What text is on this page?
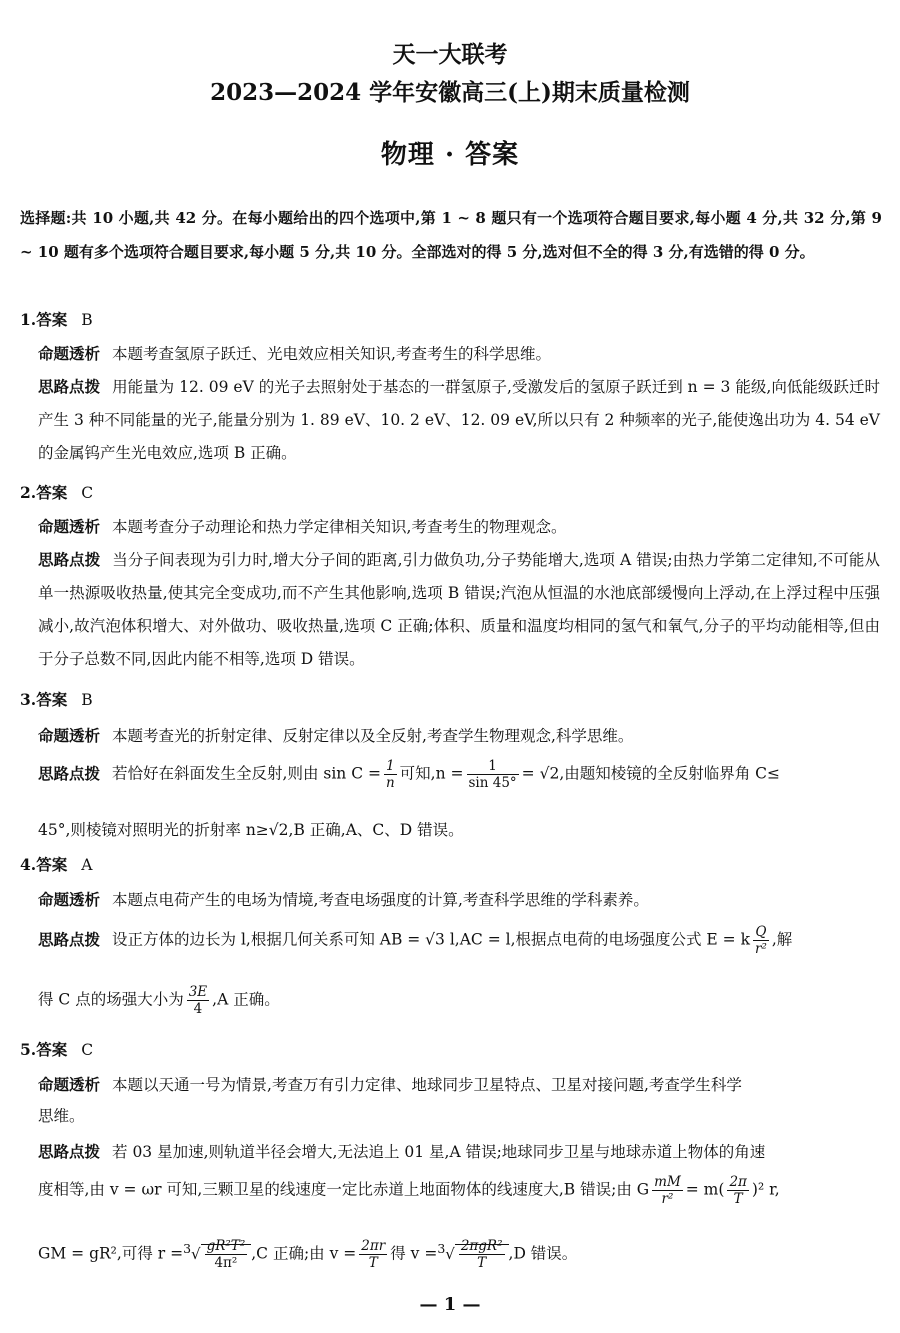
天一大联考
2023—2024 学年安徽高三(上)期末质量检测
物理 · 答案
选择题:共 10 小题,共 42 分。在每小题给出的四个选项中,第 1 ~ 8 题只有一个选项符合题目要求,每小题 4 分,共 32 分,第 9 ~ 10 题有多个选项符合题目要求,每小题 5 分,共 10 分。全部选对的得 5 分,选对但不全的得 3 分,有选错的得 0 分。
1.答案 B
命题透析 本题考查氢原子跃迁、光电效应相关知识,考查考生的科学思维。
思路点拨 用能量为 12. 09 eV 的光子去照射处于基态的一群氢原子,受激发后的氢原子跃迁到 n = 3 能级,向低能级跃迁时产生 3 种不同能量的光子,能量分别为 1. 89 eV、10. 2 eV、12. 09 eV,所以只有 2 种频率的光子,能使逸出功为 4. 54 eV 的金属钨产生光电效应,选项 B 正确。
2.答案 C
命题透析 本题考查分子动理论和热力学定律相关知识,考查考生的物理观念。
思路点拨 当分子间表现为引力时,增大分子间的距离,引力做负功,分子势能增大,选项 A 错误;由热力学第二定律知,不可能从单一热源吸收热量,使其完全变成功,而不产生其他影响,选项 B 错误;汽泡从恒温的水池底部缓慢向上浮动,在上浮过程中压强减小,故汽泡体积增大、对外做功、吸收热量,选项 C 正确;体积、质量和温度均相同的氢气和氧气,分子的平均动能相等,但由于分子总数不同,因此内能不相等,选项 D 错误。
3.答案 B
命题透析 本题考查光的折射定律、反射定律以及全反射,考查学生物理观念,科学思维。
思路点拨 若恰好在斜面发生全反射,则由 $\sin C = \frac{1}{n}$ 可知$,n = \frac{1}{\sin 45^\circ} = √2$,由题知棱镜的全反射临界角 C≤
45°,则棱镜对照明光的折射率 n≥√2,B 正确,A、C、D 错误。
4.答案 A
命题透析 本题点电荷产生的电场为情境,考查电场强度的计算,考查科学思维的学科素养。
思路点拨 设正方体的边长为 l,根据几何关系可知 AB = √3 l,AC = l,根据点电荷的电场强度公式 E = k $\frac{Q}{\text{r²}}$ ,解
得 C 点的场强大小为 $\frac{3E}{4} ,A$ 正确。
5.答案 C
命题透析 本题以天通一号为情景,考查万有引力定律、地球同步卫星特点、卫星对接问题,考查学生科学
思维。
思路点拨 若 03 星加速,则轨道半径会增大,无法追上 01 星,A 错误;地球同步卫星与地球赤道上物体的角速
度相等,由 v = ωr 可知,三颗卫星的线速度一定比赤道上地面物体的线速度大,B 错误;由 G $\frac{mM}{\text{r²}} = m( \frac{2\pi}{T} )^2$ r,
GM = gR²,可得 $r =^3√ \frac{\text{gR²T²}}{\text{4π²}} ,C$ 正确;由 $v = \frac{2\pi r}{T}$ 得 $v =^3√ \frac{\text{2πgR²}}{T} ,D$ 错误。
— 1 —
